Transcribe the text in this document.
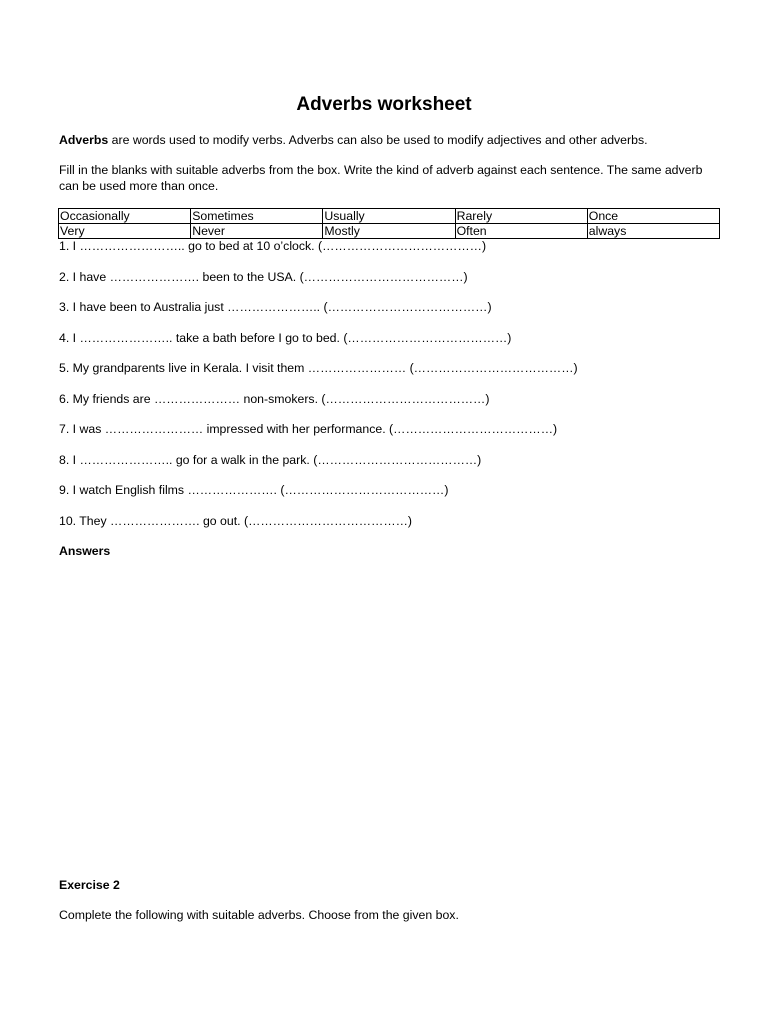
Adverbs worksheet
Adverbs are words used to modify verbs. Adverbs can also be used to modify adjectives and other adverbs.
Fill in the blanks with suitable adverbs from the box. Write the kind of adverb against each sentence. The same adverb can be used more than once.
Occasionally	Sometimes	Usually	Rarely	Once
Very	Never	Mostly	Often	always
1. I …………………….. go to bed at 10 o’clock. (…………………………………)
2. I have …………………. been to the USA. (…………………………………)
3. I have been to Australia just ………………….. (…………………………………)
4. I ………………….. take a bath before I go to bed. (…………………………………)
5. My grandparents live in Kerala. I visit them …………………… (…………………………………)
6. My friends are ………………… non-smokers. (…………………………………)
7. I was …………………… impressed with her performance. (…………………………………)
8. I ………………….. go for a walk in the park. (…………………………………)
9. I watch English films …………………. (…………………………………)
10. They …………………. go out. (…………………………………)
Answers
Exercise 2
Complete the following with suitable adverbs. Choose from the given box.
